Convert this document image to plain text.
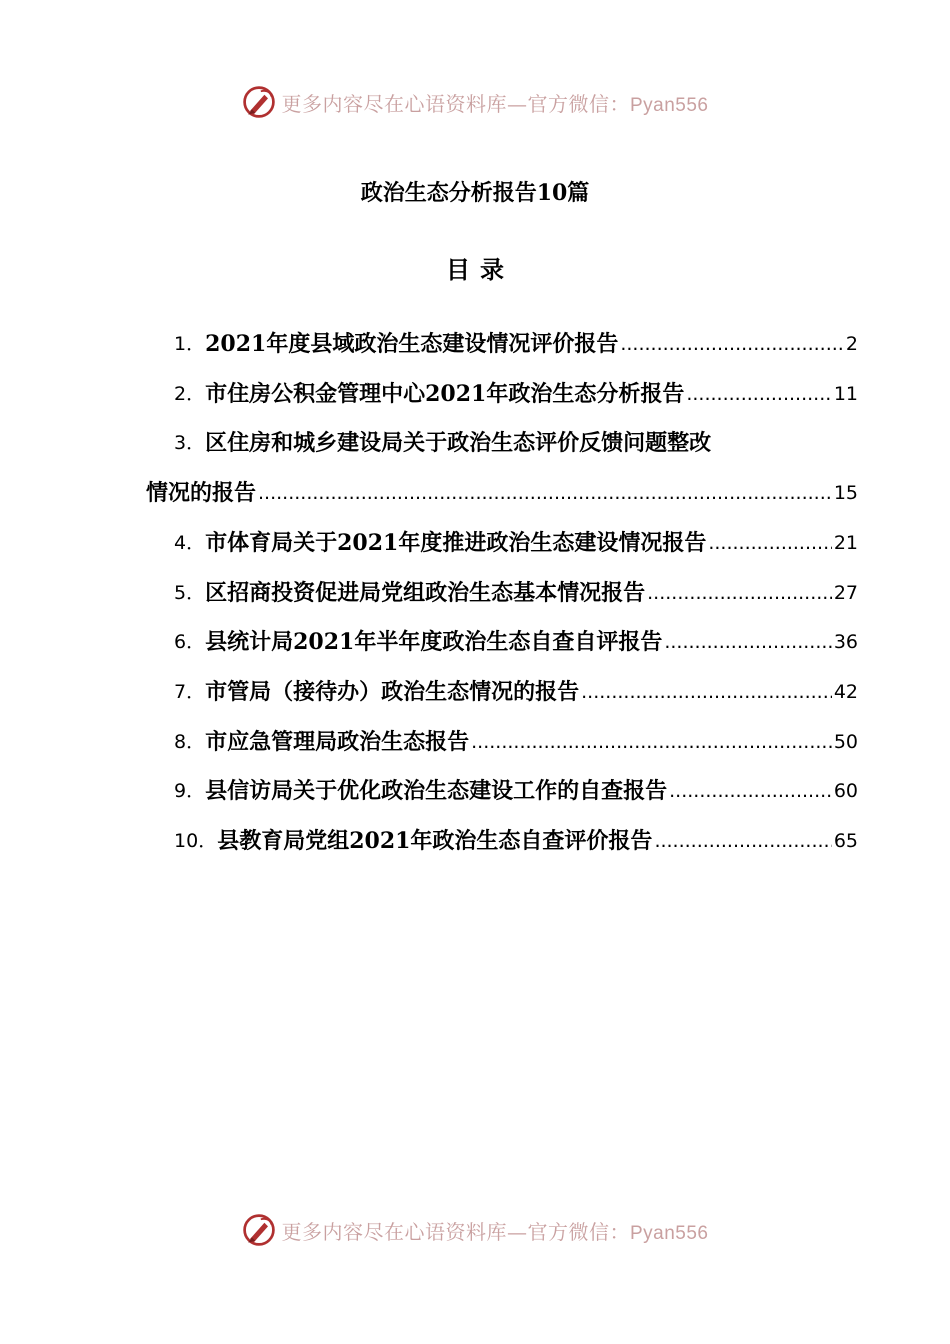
更多内容尽在心语资料库—官方微信：Pyan556
政治生态分析报告10篇
目录
1 ． 2021年度县域政治生态建设情况评价报告 .....	2
2 ． 市住房公积金管理中心2021年政治生态分析报告 .....	11
3 ． 区住房和城乡建设局关于政治生态评价反馈问题整改
情况的报告 .....	15
4 ． 市体育局关于2021年度推进政治生态建设情况报告 .....	21
5 ． 区招商投资促进局党组政治生态基本情况报告 .....	27
6 ． 县统计局2021年半年度政治生态自查自评报告 .....	36
7 ． 市管局（接待办）政治生态情况的报告 .....	42
8 ． 市应急管理局政治生态报告 .....	50
9 ． 县信访局关于优化政治生态建设工作的自查报告 .....	60
10 ． 县教育局党组2021年政治生态自查评价报告 .....	65
更多内容尽在心语资料库—官方微信：Pyan556
